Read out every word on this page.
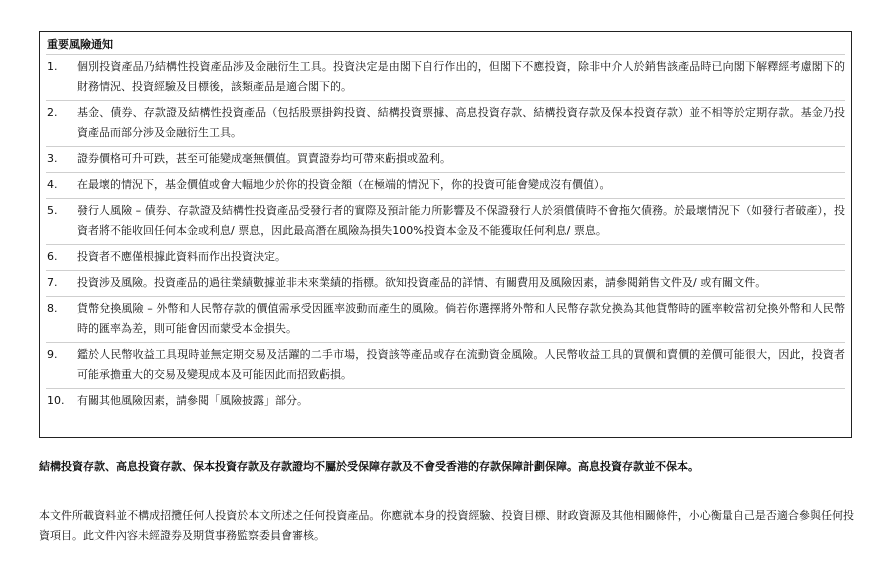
重要風險通知
1.	個別投資產品乃結構性投資產品涉及金融衍生工具。投資決定是由閣下自行作出的，但閣下不應投資，除非中介人於銷售該產品時已向閣下解釋經考慮閣下的財務情況、投資經驗及目標後，該類產品是適合閣下的。
2.	基金、債券、存款證及結構性投資產品（包括股票掛鈎投資、結構投資票據、高息投資存款、結構投資存款及保本投資存款）並不相等於定期存款。基金乃投資產品而部分涉及金融衍生工具。
3.	證券價格可升可跌，甚至可能變成毫無價值。買賣證券均可帶來虧損或盈利。
4.	在最壞的情況下，基金價值或會大幅地少於你的投資金額（在極端的情況下，你的投資可能會變成沒有價值）。
5.	發行人風險 – 債券、存款證及結構性投資產品受發行者的實際及預計能力所影響及不保證發行人於須償債時不會拖欠債務。於最壞情況下（如發行者破產），投資者將不能收回任何本金或利息/ 票息，因此最高潛在風險為損失100%投資本金及不能獲取任何利息/ 票息。
6.	投資者不應僅根據此資料而作出投資決定。
7.	投資涉及風險。投資產品的過往業績數據並非未來業績的指標。欲知投資產品的詳情、有關費用及風險因素，請參閱銷售文件及/ 或有關文件。
8.	貨幣兌換風險 – 外幣和人民幣存款的價值需承受因匯率波動而產生的風險。倘若你選擇將外幣和人民幣存款兌換為其他貨幣時的匯率較當初兌換外幣和人民幣時的匯率為差，則可能會因而蒙受本金損失。
9.	鑑於人民幣收益工具現時並無定期交易及活躍的二手市場，投資該等產品或存在流動資金風險。人民幣收益工具的買價和賣價的差價可能很大，因此，投資者可能承擔重大的交易及變現成本及可能因此而招致虧損。
10.	有關其他風險因素，請參閱「風險披露」部分。
結構投資存款、高息投資存款、保本投資存款及存款證均不屬於受保障存款及不會受香港的存款保障計劃保障。高息投資存款並不保本。
本文件所載資料並不構成招攬任何人投資於本文所述之任何投資產品。你應就本身的投資經驗、投資目標、財政資源及其他相關條件，小心衡量自己是否適合參與任何投資項目。此文件內容未經證券及期貨事務監察委員會審核。
